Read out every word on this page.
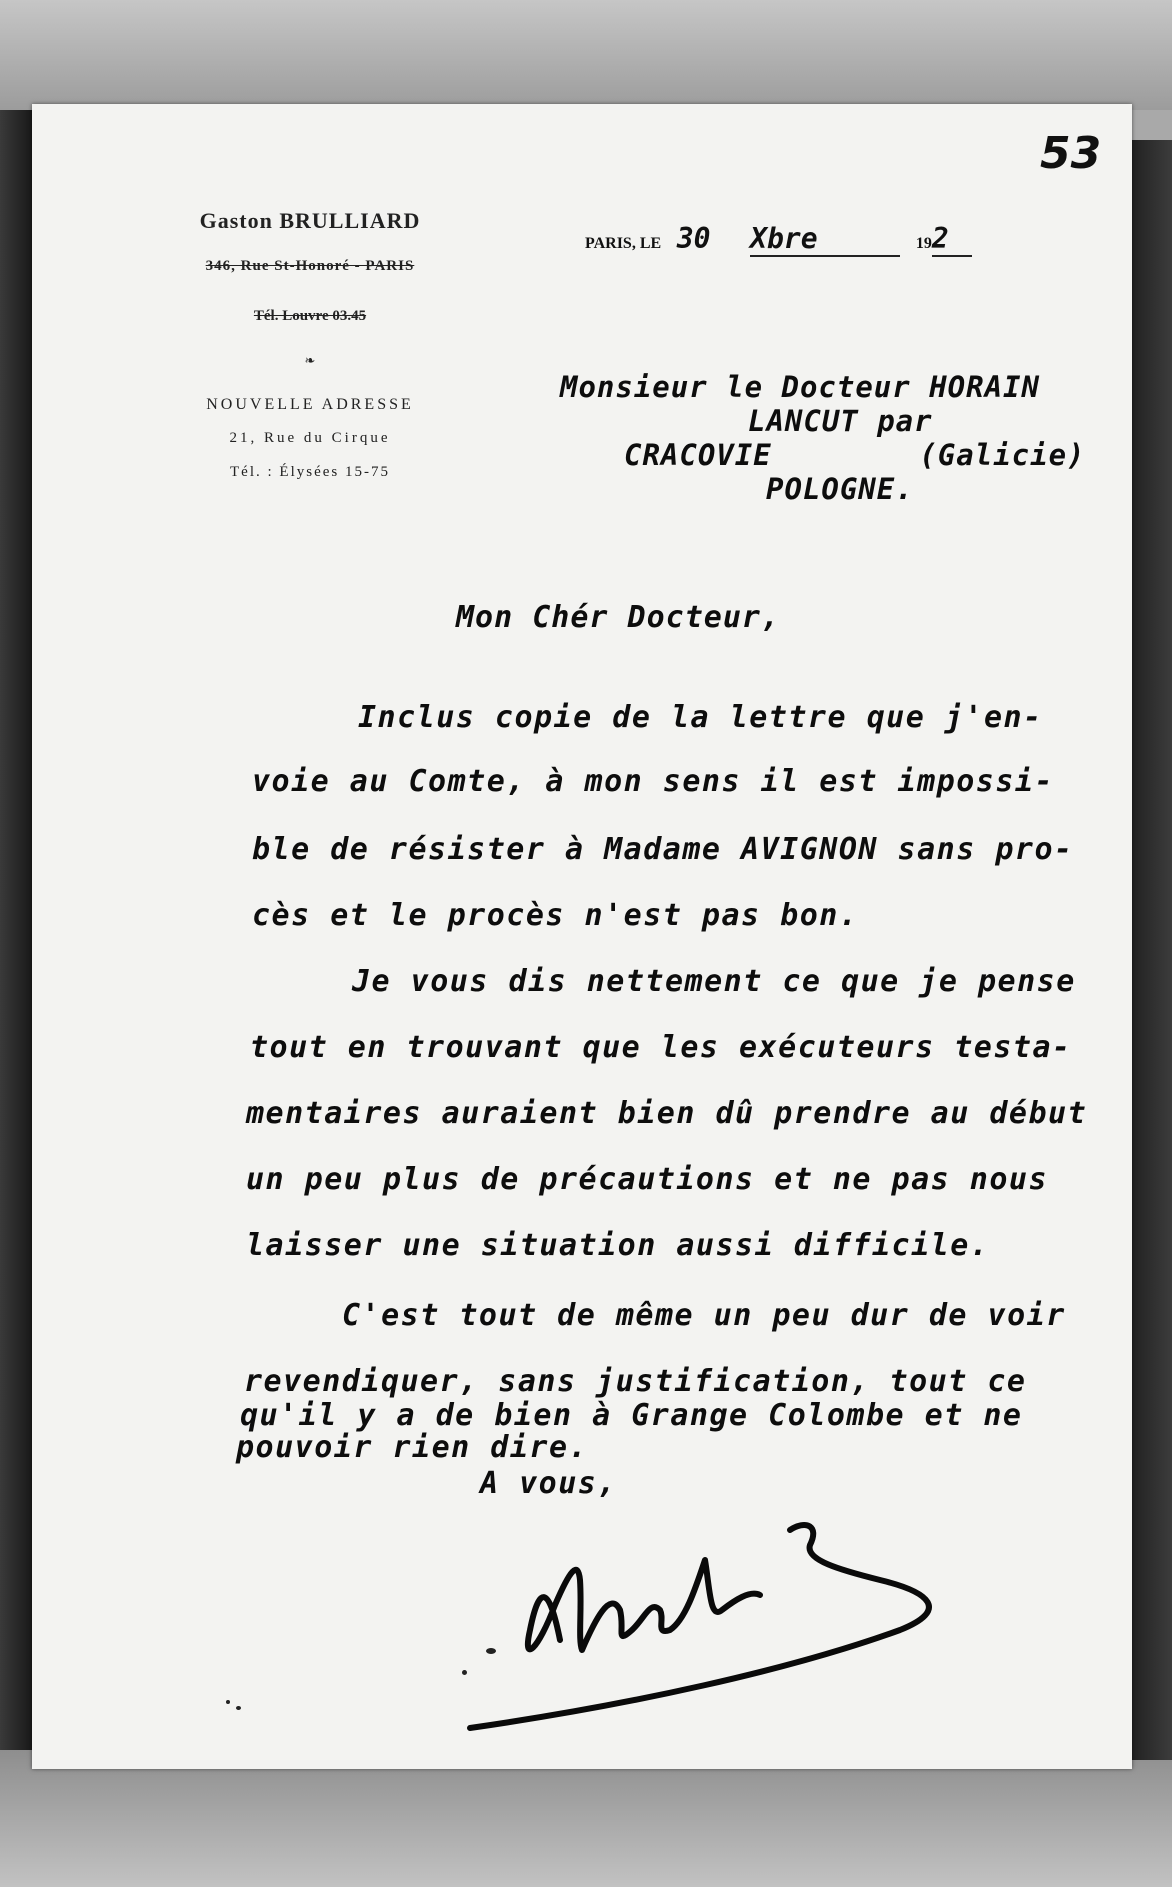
53
Gaston BRULLIARD
346, Rue St-Honoré - PARIS
Tél. Louvre 03.45
❧
NOUVELLE ADRESSE
21, Rue du Cirque
Tél. : Élysées 15-75
PARIS, LE 30 Xbre	192
Monsieur le Docteur HORAIN
LANCUT par
CRACOVIE        (Galicie)
POLOGNE.
Mon Chér Docteur,
Inclus copie de la lettre que j'en-
voie au Comte, à mon sens il est impossi-
ble de résister à Madame AVIGNON sans pro-
cès et le procès n'est pas bon.
Je vous dis nettement ce que je pense
tout en trouvant que les exécuteurs testa-
mentaires auraient bien dû prendre au début
un peu plus de précautions et ne pas nous
laisser une situation aussi difficile.
C'est tout de même un peu dur de voir
revendiquer, sans justification, tout ce
qu'il y a de bien à Grange Colombe et ne
pouvoir rien dire.
A vous,
